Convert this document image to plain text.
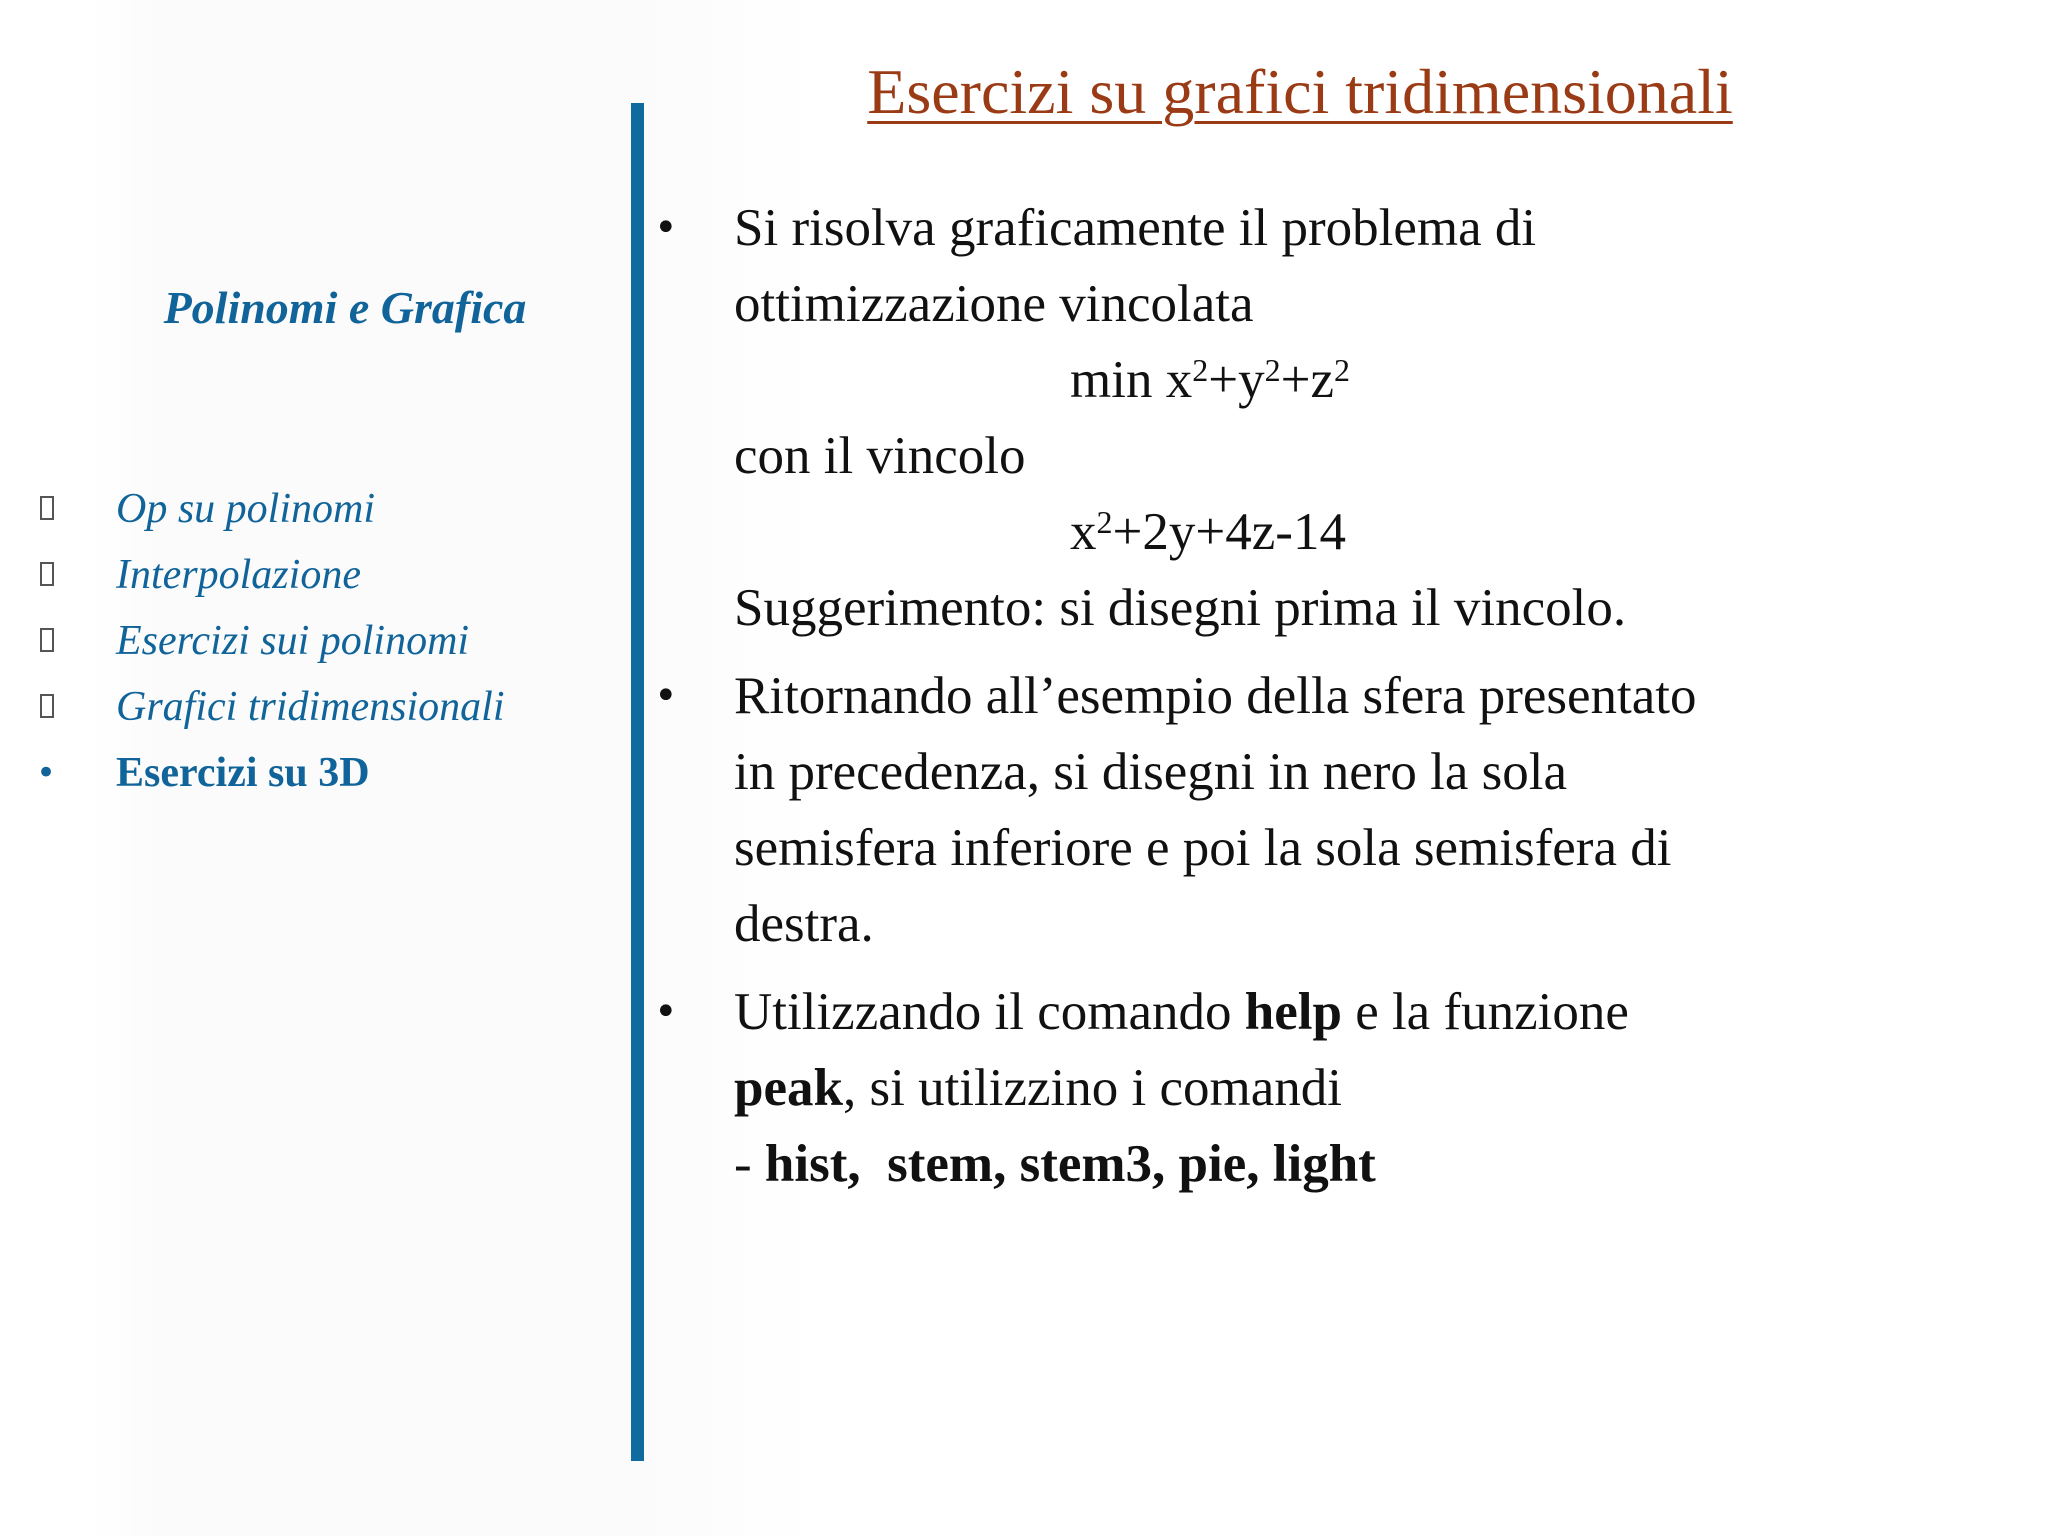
Esercizi su grafici tridimensionali
Polinomi e Grafica
Op su polinomi
Interpolazione
Esercizi sui polinomi
Grafici tridimensionali
•	Esercizi su 3D
• Si risolva graficamente il problema di
ottimizzazione vincolata
$\min x^2+y^2+z^2$
con il vincolo
$x^2+2y+4z-14$
Suggerimento: si disegni prima il vincolo.
• Ritornando all’esempio della sfera presentato
in precedenza, si disegni in nero la sola
semisfera inferiore e poi la sola semisfera di
destra.
• Utilizzando il comando help e la funzione
peak, si utilizzino i comandi
- hist,  stem, stem3, pie, light
